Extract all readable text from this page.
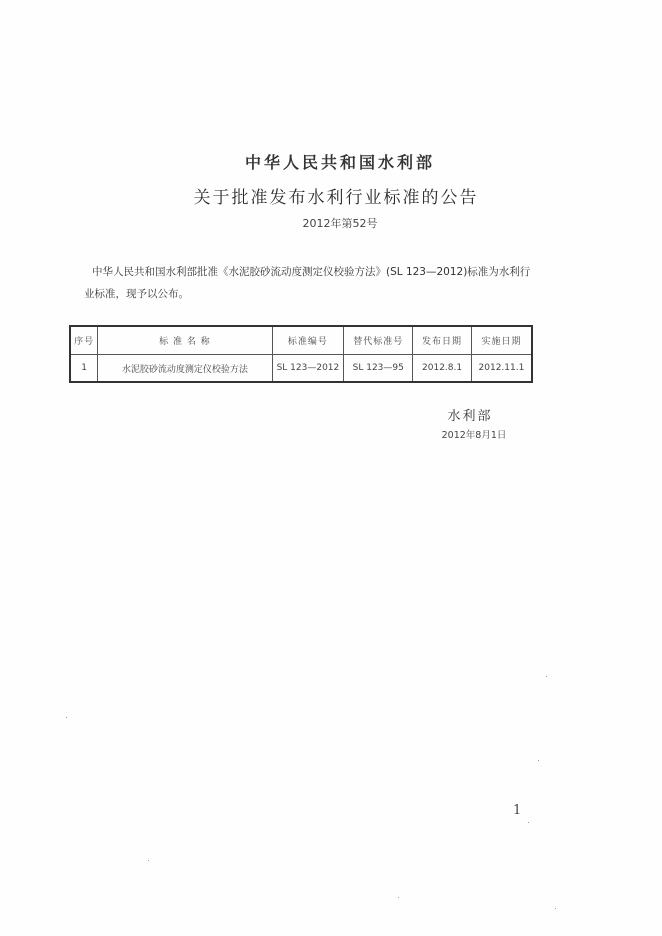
中华人民共和国水利部
关于批准发布水利行业标准的公告
2012年第52号
中华人民共和国水利部批准《水泥胶砂流动度测定仪校验方法》(SL 123—2012)标准为水利行业标准，现予以公布。
序号	标 准 名 称	标准编号	替代标准号	发布日期	实施日期
1	水泥胶砂流动度测定仪校验方法	SL 123—2012	SL 123—95	2012.8.1	2012.11.1
水利部
2012年8月1日
1
